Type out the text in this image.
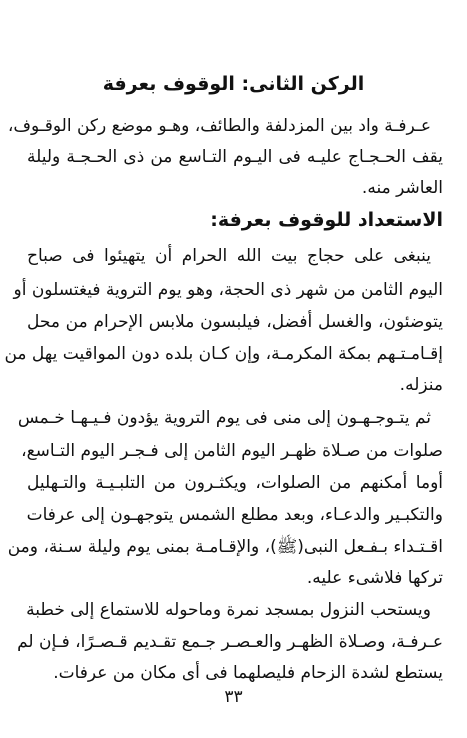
الركن الثانى: الوقوف بعرفة
عـرفـة واد بين المزدلفة والطائف، وهـو موضع ركن الوقـوف،
يقف الحـجـاج عليـه فى اليـوم التـاسع من ذى الحـجـة وليلة
العاشر منه.
الاستعداد للوقوف بعرفة:
ينبغى على حجاج بيت الله الحرام أن يتهيئوا فى صباح
اليوم الثامن من شهر ذى الحجة، وهو يوم التروية فيغتسلون أو
يتوضئون، والغسل أفضل، فيلبسون ملابس الإحرام من محل
إقـامـتـهم بمكة المكرمـة، وإن كـان بلده دون المواقيت يهل من
منزله.
ثم يتـوجـهـون إلى منى فى يوم التروية يؤدون فـيـهـا خـمس
صلوات من صـلاة ظهـر اليوم الثامن إلى فـجـر اليوم التـاسع،
أوما أمكنهم من الصلوات، ويكثـرون من التلبـيـة والتـهليل
والتكبـير والدعـاء، وبعد مطلع الشمس يتوجهـون إلى عرفات
اقـتـداء بـفـعل النبى(ﷺ)، والإقـامـة بمنى يوم وليلة سـنة، ومن
تركها فلاشىء عليه.
ويستحب النزول بمسجد نمرة وماحوله للاستماع إلى خطبة
عـرفـة، وصـلاة الظهـر والعـصـر جـمع تقـديم قـصـرًا، فـإن لم
يستطع لشدة الزحام فليصلهما فى أى مكان من عرفات.
٣٣
